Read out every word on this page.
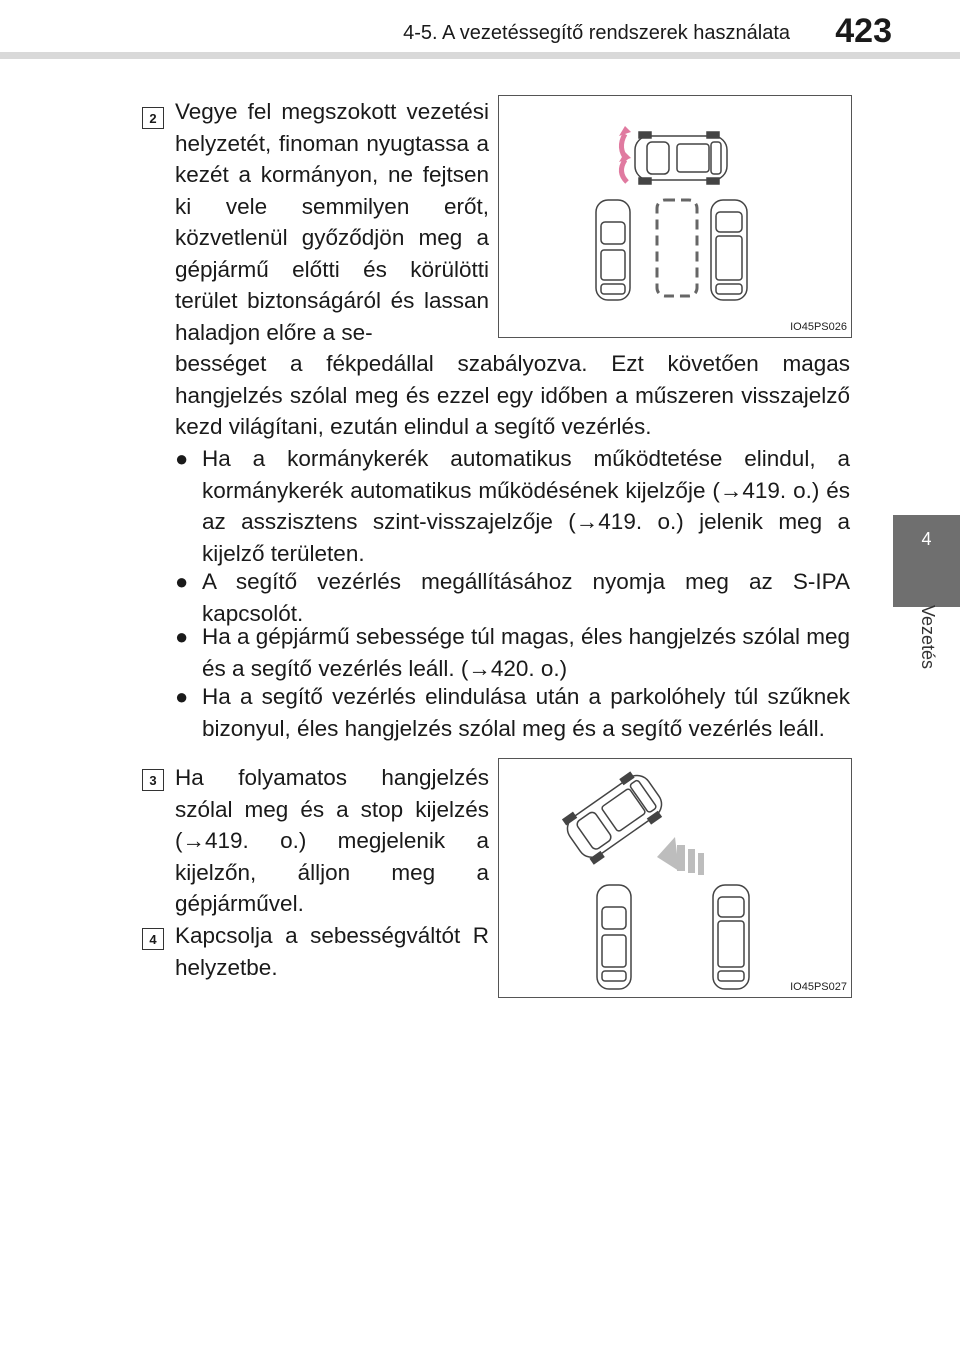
4-5. A vezetéssegítő rendszerek használata	423
4
Vezetés
2 Vegye fel megszokott vezetési helyzetét, finoman nyugtassa a kezét a kormányon, ne fejtsen ki vele semmilyen erőt, közvetlenül győződjön meg a gépjármű előtti és körülötti terület biztonságáról és lassan haladjon előre a se-	IO45PS026

bességet a fékpedállal szabályozva. Ezt követően magas hangjelzés szólal meg és ezzel egy időben a műszeren visszajelző kezd világítani, ezután elindul a segítő vezérlés.

● Ha a kormánykerék automatikus működtetése elindul, a kormánykerék automatikus működésének kijelzője (→419. o.) és az asszisztens szint-visszajelzője (→419. o.) jelenik meg a kijelző területen.
● A segítő vezérlés megállításához nyomja meg az S-IPA kapcsolót.
● Ha a gépjármű sebessége túl magas, éles hangjelzés szólal meg és a segítő vezérlés leáll. (→420. o.)
● Ha a segítő vezérlés elindulása után a parkolóhely túl szűknek bizonyul, éles hangjelzés szólal meg és a segítő vezérlés leáll.
3 Ha folyamatos hangjelzés szólal meg és a stop kijelzés (→419. o.) megjelenik a kijelzőn, álljon meg a gépjárművel.

IO45PS027
4 Kapcsolja a sebességváltót R helyzetbe.
